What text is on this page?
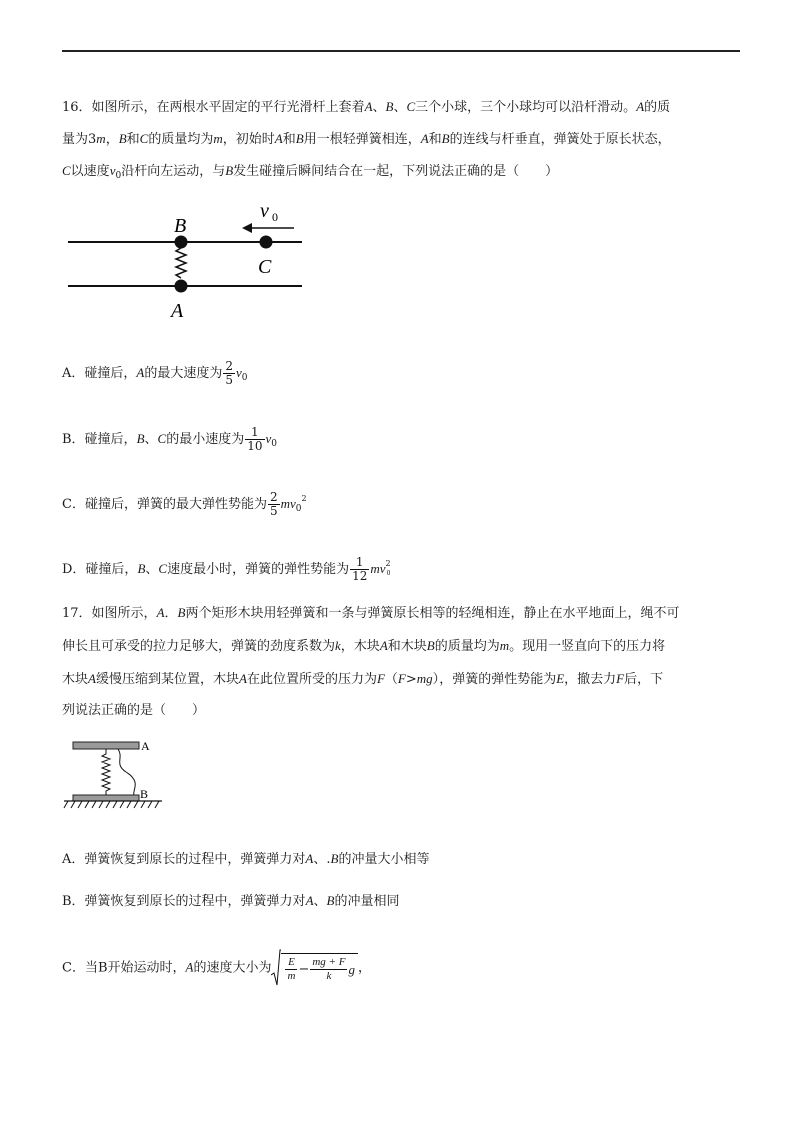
16．如图所示，在两根水平固定的平行光滑杆上套着A、B、C三个小球，三个小球均可以沿杆滑动。A的质
量为3m，B和C的质量均为m，初始时A和B用一根轻弹簧相连，A和B的连线与杆垂直，弹簧处于原长状态，
C以速度$v_0$沿杆向左运动，与B发生碰撞后瞬间结合在一起，下列说法正确的是（　　）
B
C
A
v 0
A．碰撞后，A的最大速度为 $\frac{2}{5} v_0$
B．碰撞后，B、C的最小速度为 $\frac{1}{10} v_0$
C．碰撞后，弹簧的最大弹性势能为 $\frac{2}{5} mv_0^2$
D．碰撞后，B、C速度最小时，弹簧的弹性势能为 $\frac{1}{12} mv^20$
17．如图所示，A．B两个矩形木块用轻弹簧和一条与弹簧原长相等的轻绳相连，静止在水平地面上，绳不可
伸长且可承受的拉力足够大，弹簧的劲度系数为k，木块A和木块B的质量均为m。现用一竖直向下的压力将
木块A缓慢压缩到某位置，木块A在此位置所受的压力为F（F>mg），弹簧的弹性势能为E，撤去力F后，下
列说法正确的是（　　）
A
B
A．弹簧恢复到原长的过程中，弹簧弹力对A、.B的冲量大小相等
B．弹簧恢复到原长的过程中，弹簧弹力对A、B的冲量相同
C．当B开始运动时，A的速度大小为 $\frac{E}{m} - \frac{mg + F}{k}$ g ，
